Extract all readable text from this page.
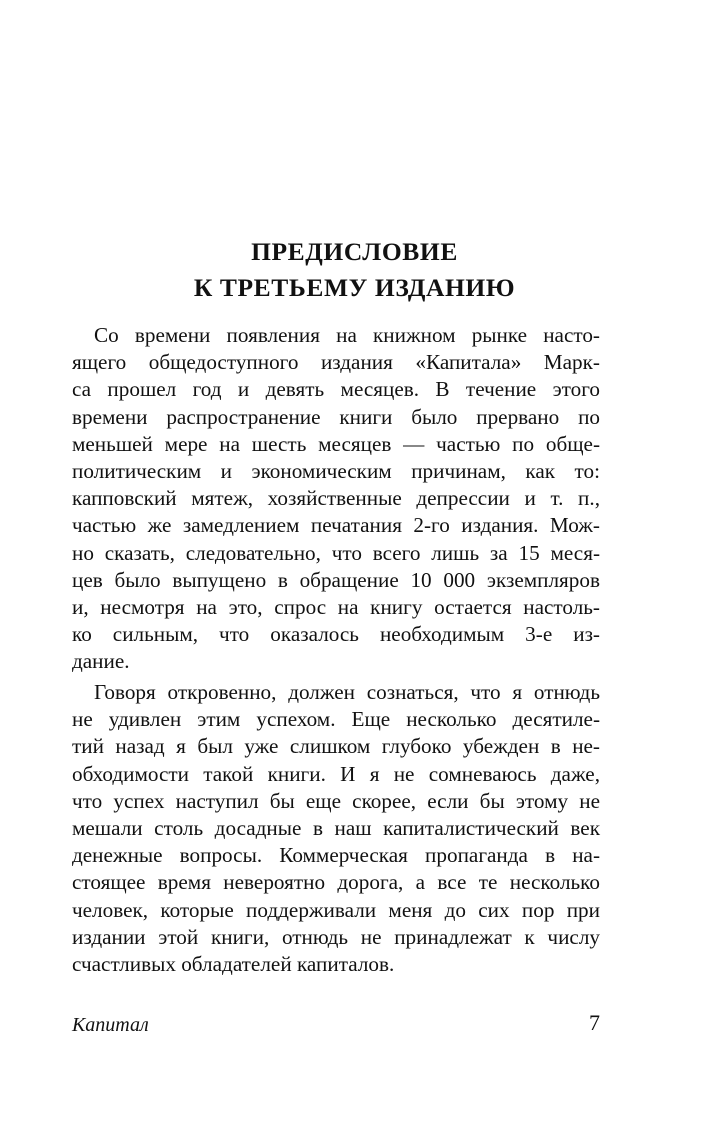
ПРЕДИСЛОВИЕ
К ТРЕТЬЕМУ ИЗДАНИЮ
Со времени появления на книжном рынке насто-
ящего общедоступного издания «Капитала» Марк-
са прошел год и девять месяцев. В течение этого
времени распространение книги было прервано по
меньшей мере на шесть месяцев — частью по обще-
политическим и экономическим причинам, как то:
капповский мятеж, хозяйственные депрессии и т. п.,
частью же замедлением печатания 2-го издания. Мож-
но сказать, следовательно, что всего лишь за 15 меся-
цев было выпущено в обращение 10 000 экземпляров
и, несмотря на это, спрос на книгу остается настоль-
ко сильным, что оказалось необходимым 3-е из-
дание.
Говоря откровенно, должен сознаться, что я отнюдь
не удивлен этим успехом. Еще несколько десятиле-
тий назад я был уже слишком глубоко убежден в не-
обходимости такой книги. И я не сомневаюсь даже,
что успех наступил бы еще скорее, если бы этому не
мешали столь досадные в наш капиталистический век
денежные вопросы. Коммерческая пропаганда в на-
стоящее время невероятно дорога, а все те несколько
человек, которые поддерживали меня до сих пор при
издании этой книги, отнюдь не принадлежат к числу
счастливых обладателей капиталов.
Капитал	7
